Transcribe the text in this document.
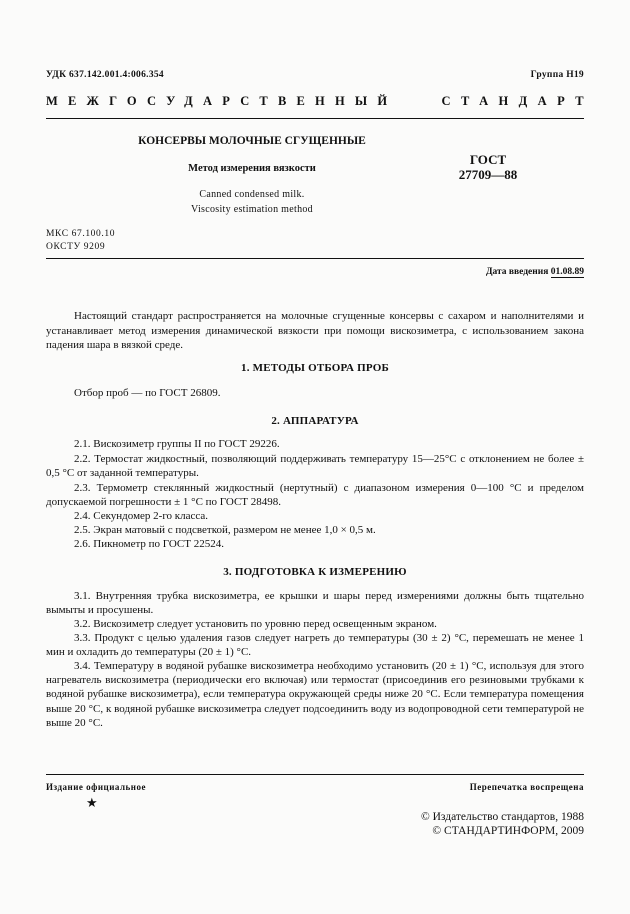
УДК 637.142.001.4:006.354	Группа Н19
МЕЖГОСУДАРСТВЕННЫЙ	СТАНДАРТ
КОНСЕРВЫ МОЛОЧНЫЕ СГУЩЕННЫЕ
Метод измерения вязкости
Canned condensed milk.
Viscosity estimation method
ГОСТ
27709—88
МКС 67.100.10
ОКСТУ 9209
Дата введения 01.08.89
Настоящий стандарт распространяется на молочные сгущенные консервы с сахаром и наполнителями и устанавливает метод измерения динамической вязкости при помощи вискозиметра, с использованием закона падения шара в вязкой среде.
1. МЕТОДЫ ОТБОРА ПРОБ
Отбор проб — по ГОСТ 26809.
2. АППАРАТУРА
2.1. Вискозиметр группы II по ГОСТ 29226.
2.2. Термостат жидкостный, позволяющий поддерживать температуру 15—25°С с отклонением не более ± 0,5 °С от заданной температуры.
2.3. Термометр стеклянный жидкостный (нертутный) с диапазоном измерения 0—100 °С и пределом допускаемой погрешности ± 1 °С по ГОСТ 28498.
2.4. Секундомер 2-го класса.
2.5. Экран матовый с подсветкой, размером не менее 1,0 × 0,5 м.
2.6. Пикнометр по ГОСТ 22524.
3. ПОДГОТОВКА К ИЗМЕРЕНИЮ
3.1. Внутренняя трубка вискозиметра, ее крышки и шары перед измерениями должны быть тщательно вымыты и просушены.
3.2. Вискозиметр следует установить по уровню перед освещенным экраном.
3.3. Продукт с целью удаления газов следует нагреть до температуры (30 ± 2) °С, перемешать не менее 1 мин и охладить до температуры (20 ± 1) °С.
3.4. Температуру в водяной рубашке вискозиметра необходимо установить (20 ± 1) °С, используя для этого нагреватель вискозиметра (периодически его включая) или термостат (присоединив его резиновыми трубками к водяной рубашке вискозиметра), если температура окружающей среды ниже 20 °С. Если температура помещения выше 20 °С, к водяной рубашке вискозиметра следует подсоединить воду из водопроводной сети температурой не выше 20 °С.
Издание официальное	Перепечатка воспрещена
★
© Издательство стандартов, 1988
© СТАНДАРТИНФОРМ, 2009
